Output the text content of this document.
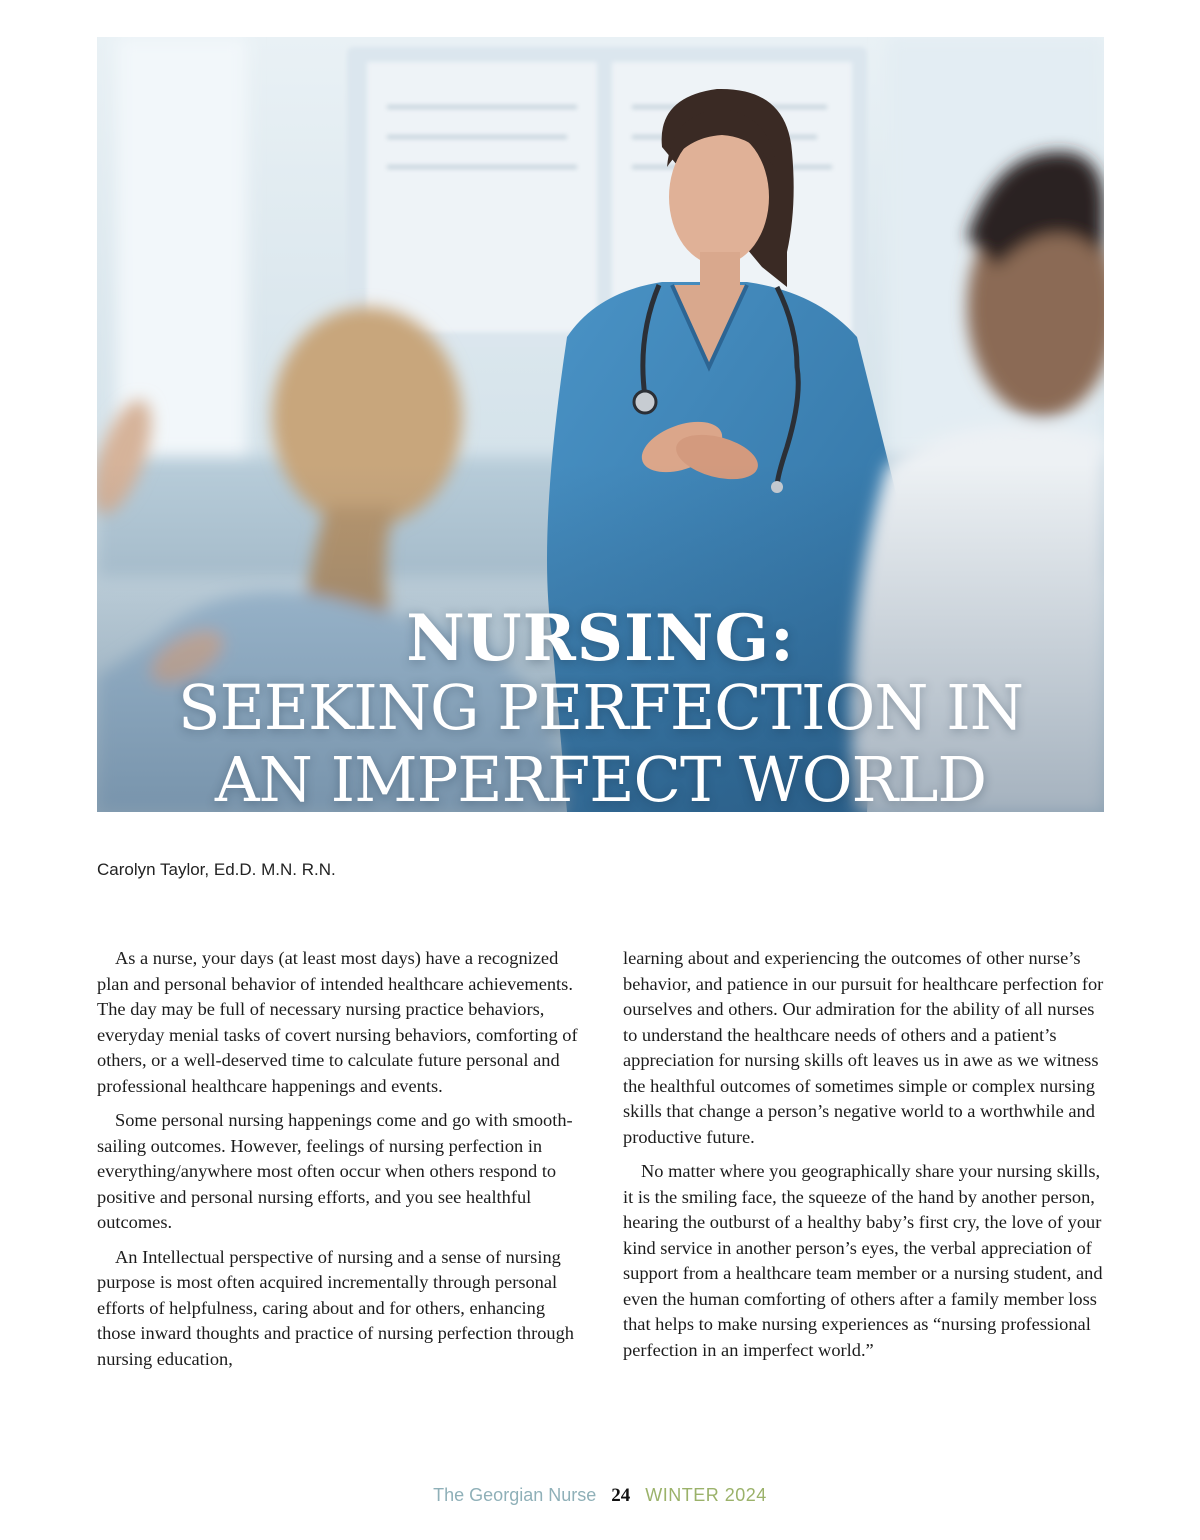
NURSING:
SEEKING PERFECTION IN
AN IMPERFECT WORLD
Carolyn Taylor, Ed.D. M.N. R.N.

As a nurse, your days (at least most days) have a recognized plan and personal behavior of intended healthcare achievements. The day may be full of necessary nursing practice behaviors, everyday menial tasks of covert nursing behaviors, comforting of others, or a well-deserved time to calculate future personal and professional healthcare happenings and events.

Some personal nursing happenings come and go with smooth-sailing outcomes. However, feelings of nursing perfection in everything/anywhere most often occur when others respond to positive and personal nursing efforts, and you see healthful outcomes.

An Intellectual perspective of nursing and a sense of nursing purpose is most often acquired incrementally through personal efforts of helpfulness, caring about and for others, enhancing those inward thoughts and practice of nursing perfection through nursing education,

learning about and experiencing the outcomes of other nurse’s behavior, and patience in our pursuit for healthcare perfection for ourselves and others. Our admiration for the ability of all nurses to understand the healthcare needs of others and a patient’s appreciation for nursing skills oft leaves us in awe as we witness the healthful outcomes of sometimes simple or complex nursing skills that change a person’s negative world to a worthwhile and productive future.

No matter where you geographically share your nursing skills, it is the smiling face, the squeeze of the hand by another person, hearing the outburst of a healthy baby’s first cry, the love of your kind service in another person’s eyes, the verbal appreciation of support from a healthcare team member or a nursing student, and even the human comforting of others after a family member loss that helps to make nursing experiences as “nursing professional perfection in an imperfect world.”

The Georgian Nurse 24 WINTER 2024
